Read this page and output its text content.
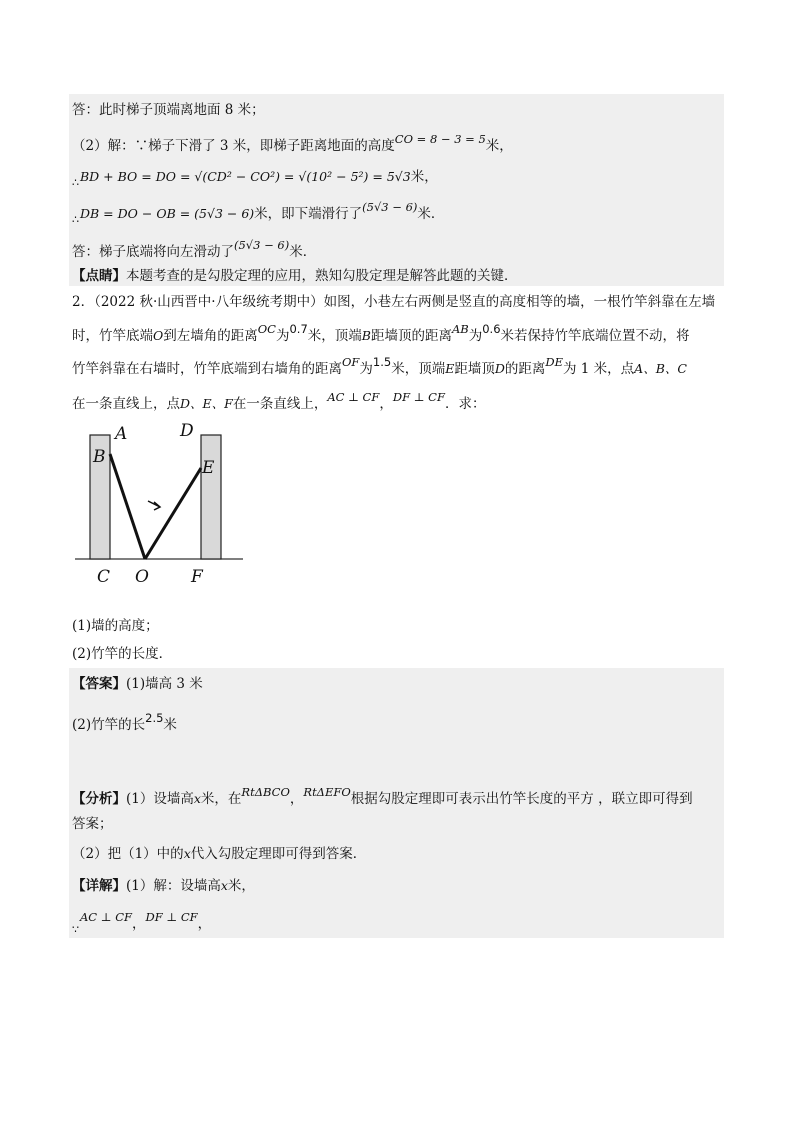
答：此时梯子顶端离地面 8 米；
（2）解：∵梯子下滑了 3 米，即梯子距离地面的高度CO = 8 − 3 = 5米，
$_\therefore$BD + BO = DO = √(CD² − CO²) = √(10² − 5²) = 5√3米，
$_\therefore$DB = DO − OB = (5√3 − 6)米，即下端滑行了(5√3 − 6)米．
答：梯子底端将向左滑动了(5√3 − 6)米．
【点睛】本题考查的是勾股定理的应用，熟知勾股定理是解答此题的关键．
2．（2022 秋·山西晋中·八年级统考期中）如图，小巷左右两侧是竖直的高度相等的墙，一根竹竿斜靠在左墙
时，竹竿底端O到左墙角的距离OC为0.7米，顶端B距墙顶的距离AB为0.6米若保持竹竿底端位置不动，将
竹竿斜靠在右墙时，竹竿底端到右墙角的距离OF为1.5米，顶端E距墙顶D的距离DE为 1 米，点A、B、C
在一条直线上，点D、E、F在一条直线上，AC ⊥ CF，DF ⊥ CF．求：
A
B
D
E
C O F
(1)墙的高度；
(2)竹竿的长度．
【答案】(1)墙高 3 米
(2)竹竿的长2.5米
【分析】(1）设墙高x米，在RtΔBCO，RtΔEFO根据勾股定理即可表示出竹竿长度的平方 ，联立即可得到
答案；
（2）把（1）中的x代入勾股定理即可得到答案．
【详解】(1）解：设墙高x米，
$_\because$AC ⊥ CF，DF ⊥ CF，
